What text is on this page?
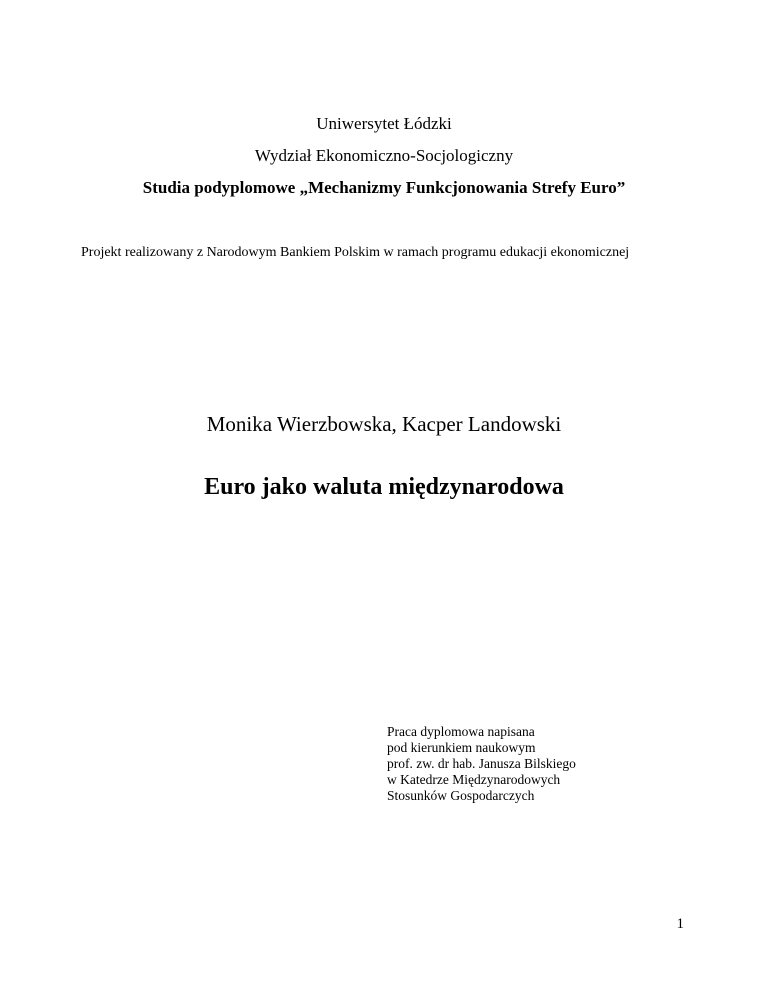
Uniwersytet Łódzki
Wydział Ekonomiczno-Socjologiczny
Studia podyplomowe „Mechanizmy Funkcjonowania Strefy Euro”
Projekt realizowany z Narodowym Bankiem Polskim w ramach programu edukacji ekonomicznej
Monika Wierzbowska, Kacper Landowski
Euro jako waluta międzynarodowa
Praca dyplomowa napisana
pod kierunkiem naukowym
prof. zw. dr hab. Janusza Bilskiego
w Katedrze Międzynarodowych
Stosunków Gospodarczych
1
